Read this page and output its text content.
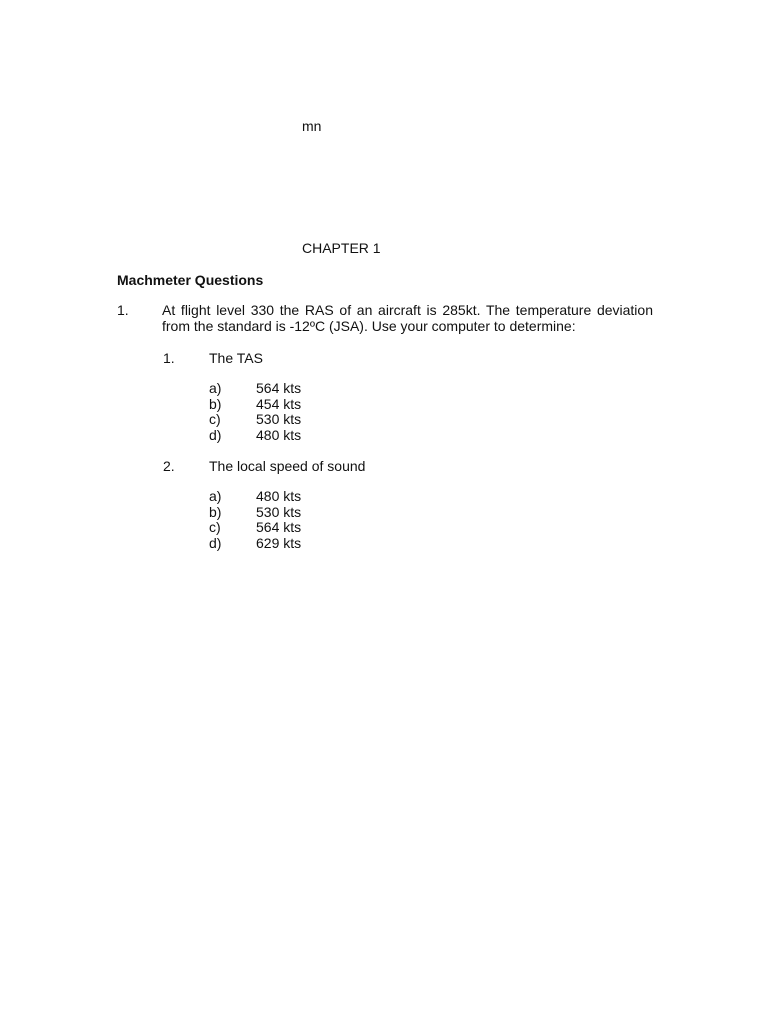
mn
CHAPTER 1
Machmeter Questions
1. At flight level 330 the RAS of an aircraft is 285kt. The temperature deviation from the standard is -12ºC (JSA). Use your computer to determine:
1. The TAS
a) 564 kts
b) 454 kts
c)	530 kts
d) 480 kts
2. The local speed of sound
a) 480 kts
b) 530 kts
c)	564 kts
d) 629 kts
